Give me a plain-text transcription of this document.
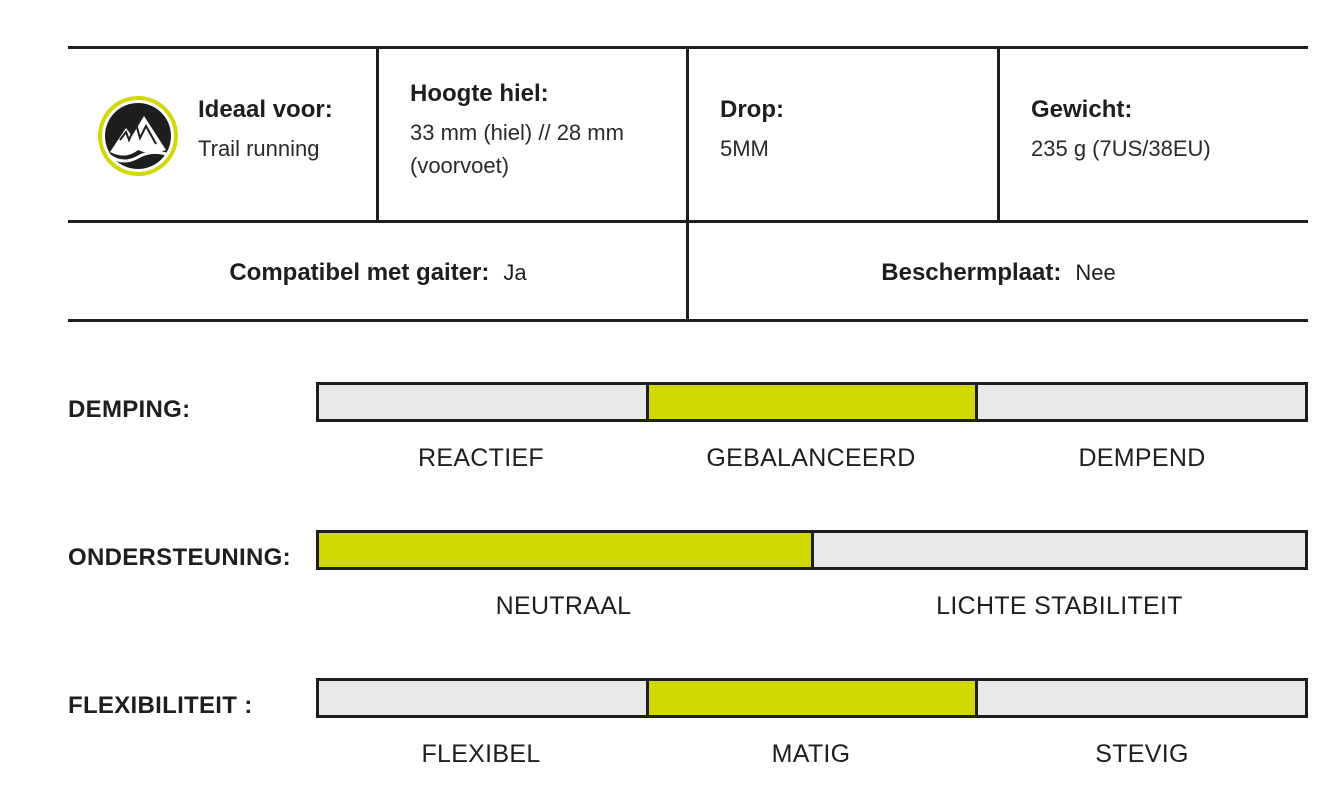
Ideaal voor:
Trail running
Hoogte hiel:
33 mm (hiel) // 28 mm (voorvoet)
Drop:
5MM
Gewicht:
235 g (7US/38EU)
Compatibel met gaiter: Ja	Beschermplaat: Nee
DEMPING:
REACTIEF	GEBALANCEERD	DEMPEND
ONDERSTEUNING:
NEUTRAAL	LICHTE STABILITEIT
FLEXIBILITEIT :
FLEXIBEL	MATIG	STEVIG
